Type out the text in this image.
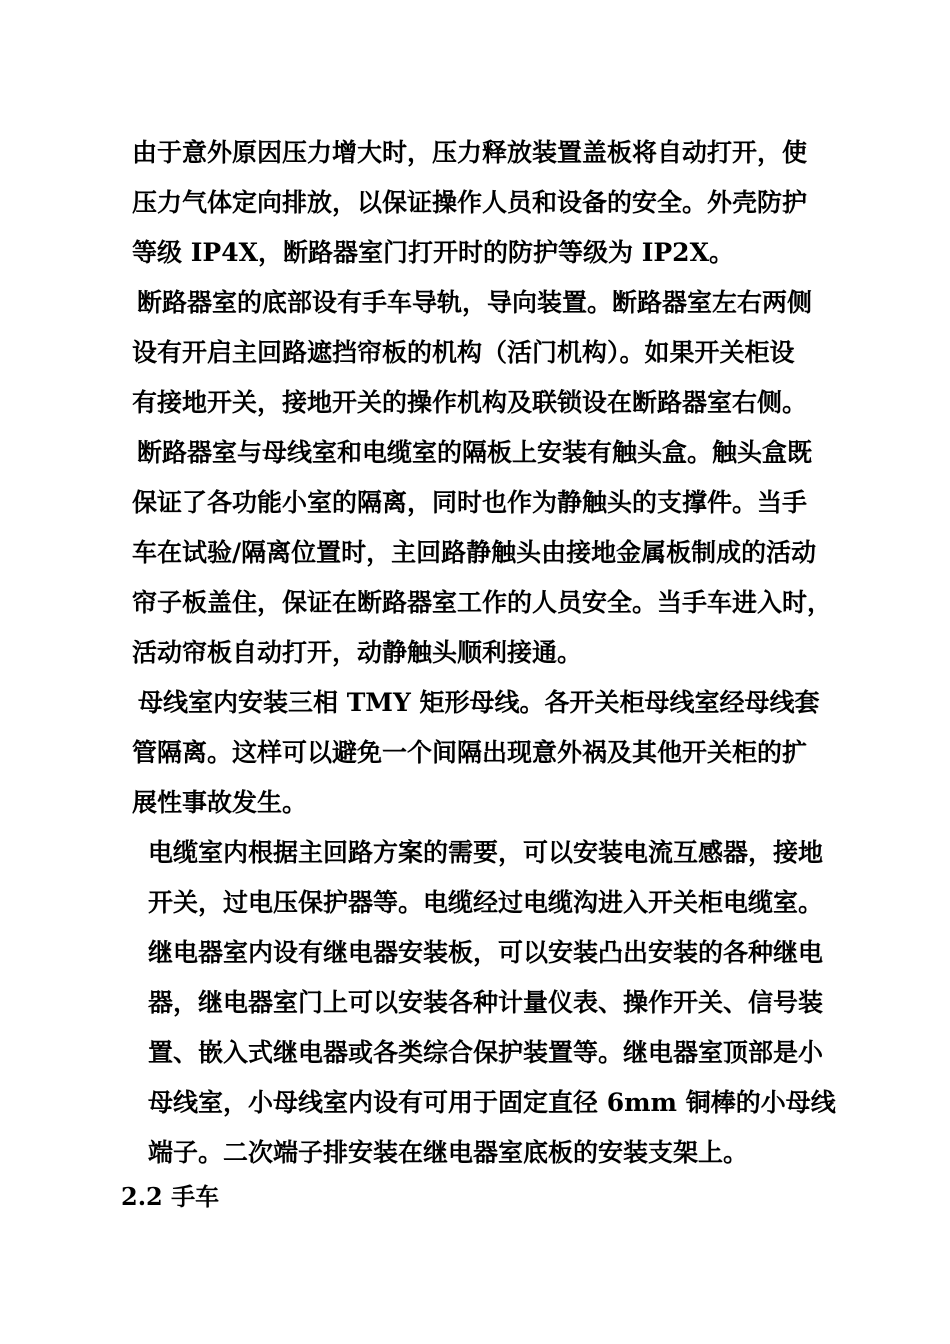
由于意外原因压力增大时，压力释放装置盖板将自动打开，使
压力气体定向排放，以保证操作人员和设备的安全。外壳防护
等级 IP4X，断路器室门打开时的防护等级为 IP2X。
断路器室的底部设有手车导轨，导向装置。断路器室左右两侧
设有开启主回路遮挡帘板的机构（活门机构）。如果开关柜设
有接地开关，接地开关的操作机构及联锁设在断路器室右侧。
断路器室与母线室和电缆室的隔板上安装有触头盒。触头盒既
保证了各功能小室的隔离，同时也作为静触头的支撑件。当手
车在试验/隔离位置时，主回路静触头由接地金属板制成的活动
帘子板盖住，保证在断路器室工作的人员安全。当手车进入时，
活动帘板自动打开，动静触头顺利接通。
母线室内安装三相 TMY 矩形母线。各开关柜母线室经母线套
管隔离。这样可以避免一个间隔出现意外祸及其他开关柜的扩
展性事故发生。
电缆室内根据主回路方案的需要，可以安装电流互感器，接地
开关，过电压保护器等。电缆经过电缆沟进入开关柜电缆室。
继电器室内设有继电器安装板，可以安装凸出安装的各种继电
器，继电器室门上可以安装各种计量仪表、操作开关、信号装
置、嵌入式继电器或各类综合保护装置等。继电器室顶部是小
母线室，小母线室内设有可用于固定直径 6mm 铜棒的小母线
端子。二次端子排安装在继电器室底板的安装支架上。
2.2 手车
